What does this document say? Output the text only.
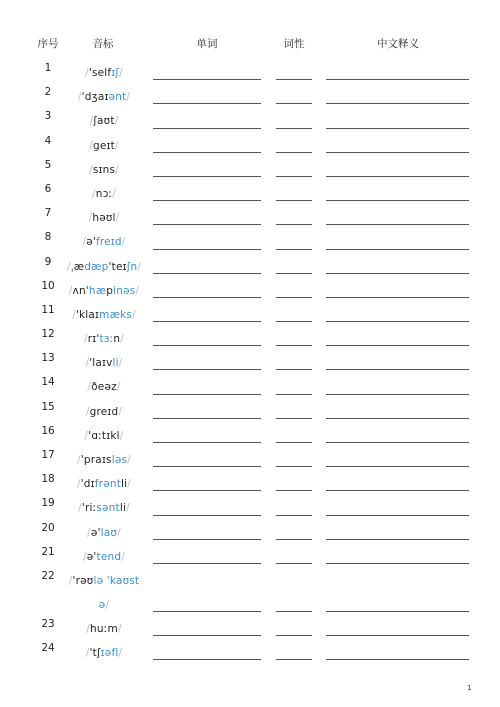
序号	音标	单词	词性	中文释义
1	/'selfɪʃ/
2	/'dʒaɪənt/
3	/ʃaʊt/
4	/geɪt/
5	/sɪns/
6	/nɔː/
7	/həʊl/
8	/ə'freɪd/
9 /ˌædæp'teɪʃn/
10 /ʌn'hæpinəs/
11 /'klaɪmæks/
12	/rɪ'tɜːn/
13	/'laɪvli/
14	/ðeəz/
15	/greɪd/
16	/'ɑːtɪkl/
17 /'praɪsləs/
18 /'dɪfrəntli/
19 /'riːsəntli/
20	/ə'laʊ/
21	/ə'tend/
22 /'rəʊlə 'kaʊst
ə/
23	/huːm/
24	/'tʃɪəfl/
1
